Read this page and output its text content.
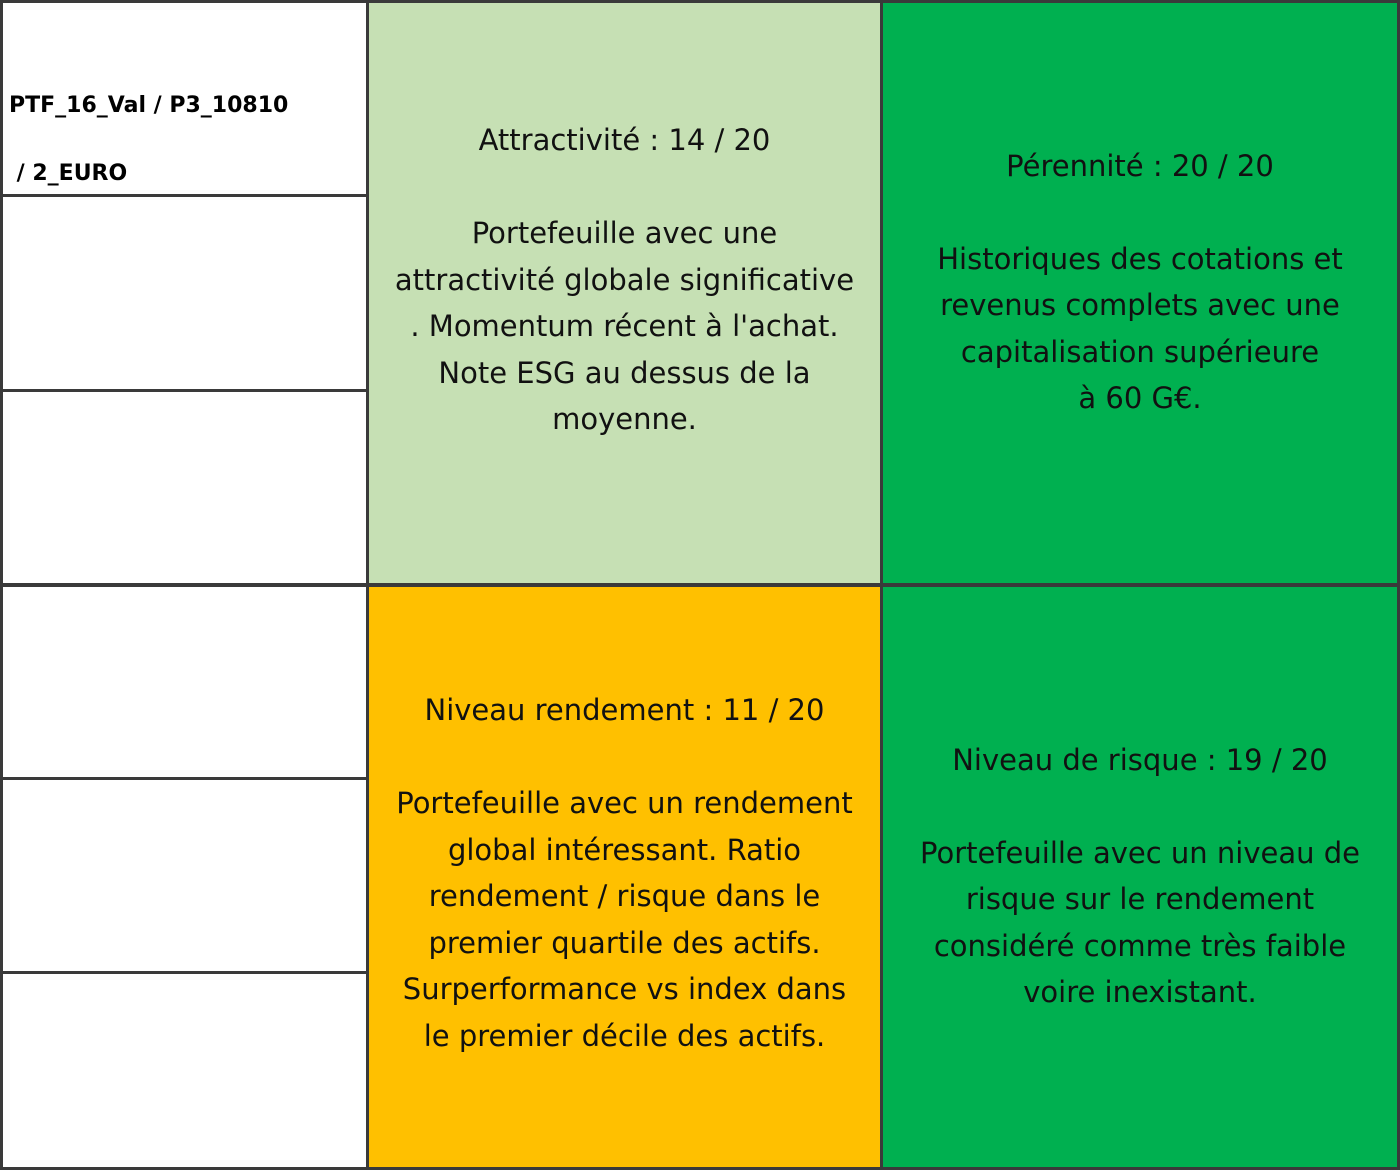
PTF_16_Val / P3_10810

/ 2_EURO

Attractivité : 14 / 20
Portefeuille avec une
attractivité globale significative
. Momentum récent à l'achat.
Note ESG au dessus de la
moyenne.
Pérennité : 20 / 20
Historiques des cotations et
revenus complets avec une
capitalisation supérieure
à 60 G€.
Niveau rendement : 11 / 20
Portefeuille avec un rendement
global intéressant. Ratio
rendement / risque dans le
premier quartile des actifs.
Surperformance vs index dans
le premier décile des actifs.
Niveau de risque : 19 / 20
Portefeuille avec un niveau de
risque sur le rendement
considéré comme très faible
voire inexistant.
